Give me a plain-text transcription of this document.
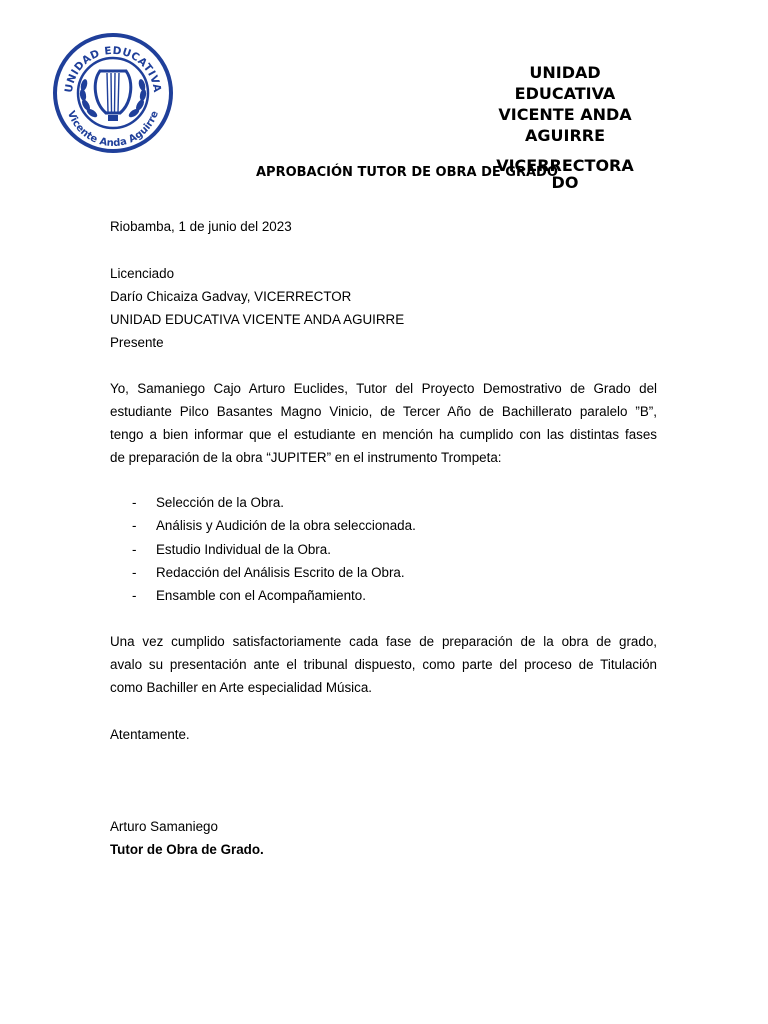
UNIDAD EDUCATIVA
Vicente Anda Aguirre
UNIDAD
EDUCATIVA
VICENTE ANDA
AGUIRRE
VICERRECTORA
DO
APROBACIÓN TUTOR DE OBRA DE GRADO
Riobamba, 1 de junio del 2023
Licenciado
Darío Chicaiza Gadvay, VICERRECTOR
UNIDAD EDUCATIVA VICENTE ANDA AGUIRRE
Presente
Yo, Samaniego Cajo Arturo Euclides, Tutor del Proyecto Demostrativo de Grado del
estudiante Pilco Basantes Magno Vinicio, de Tercer Año de Bachillerato paralelo ”B”,
tengo a bien informar que el estudiante en mención ha cumplido con las distintas fases
de preparación de la obra “JUPITER” en el instrumento Trompeta:
- Selección de la Obra.
- Análisis y Audición de la obra seleccionada.
- Estudio Individual de la Obra.
- Redacción del Análisis Escrito de la Obra.
- Ensamble con el Acompañamiento.
Una vez cumplido satisfactoriamente cada fase de preparación de la obra de grado,
avalo su presentación ante el tribunal dispuesto, como parte del proceso de Titulación
como Bachiller en Arte especialidad Música.
Atentamente.
Arturo Samaniego
Tutor de Obra de Grado.
